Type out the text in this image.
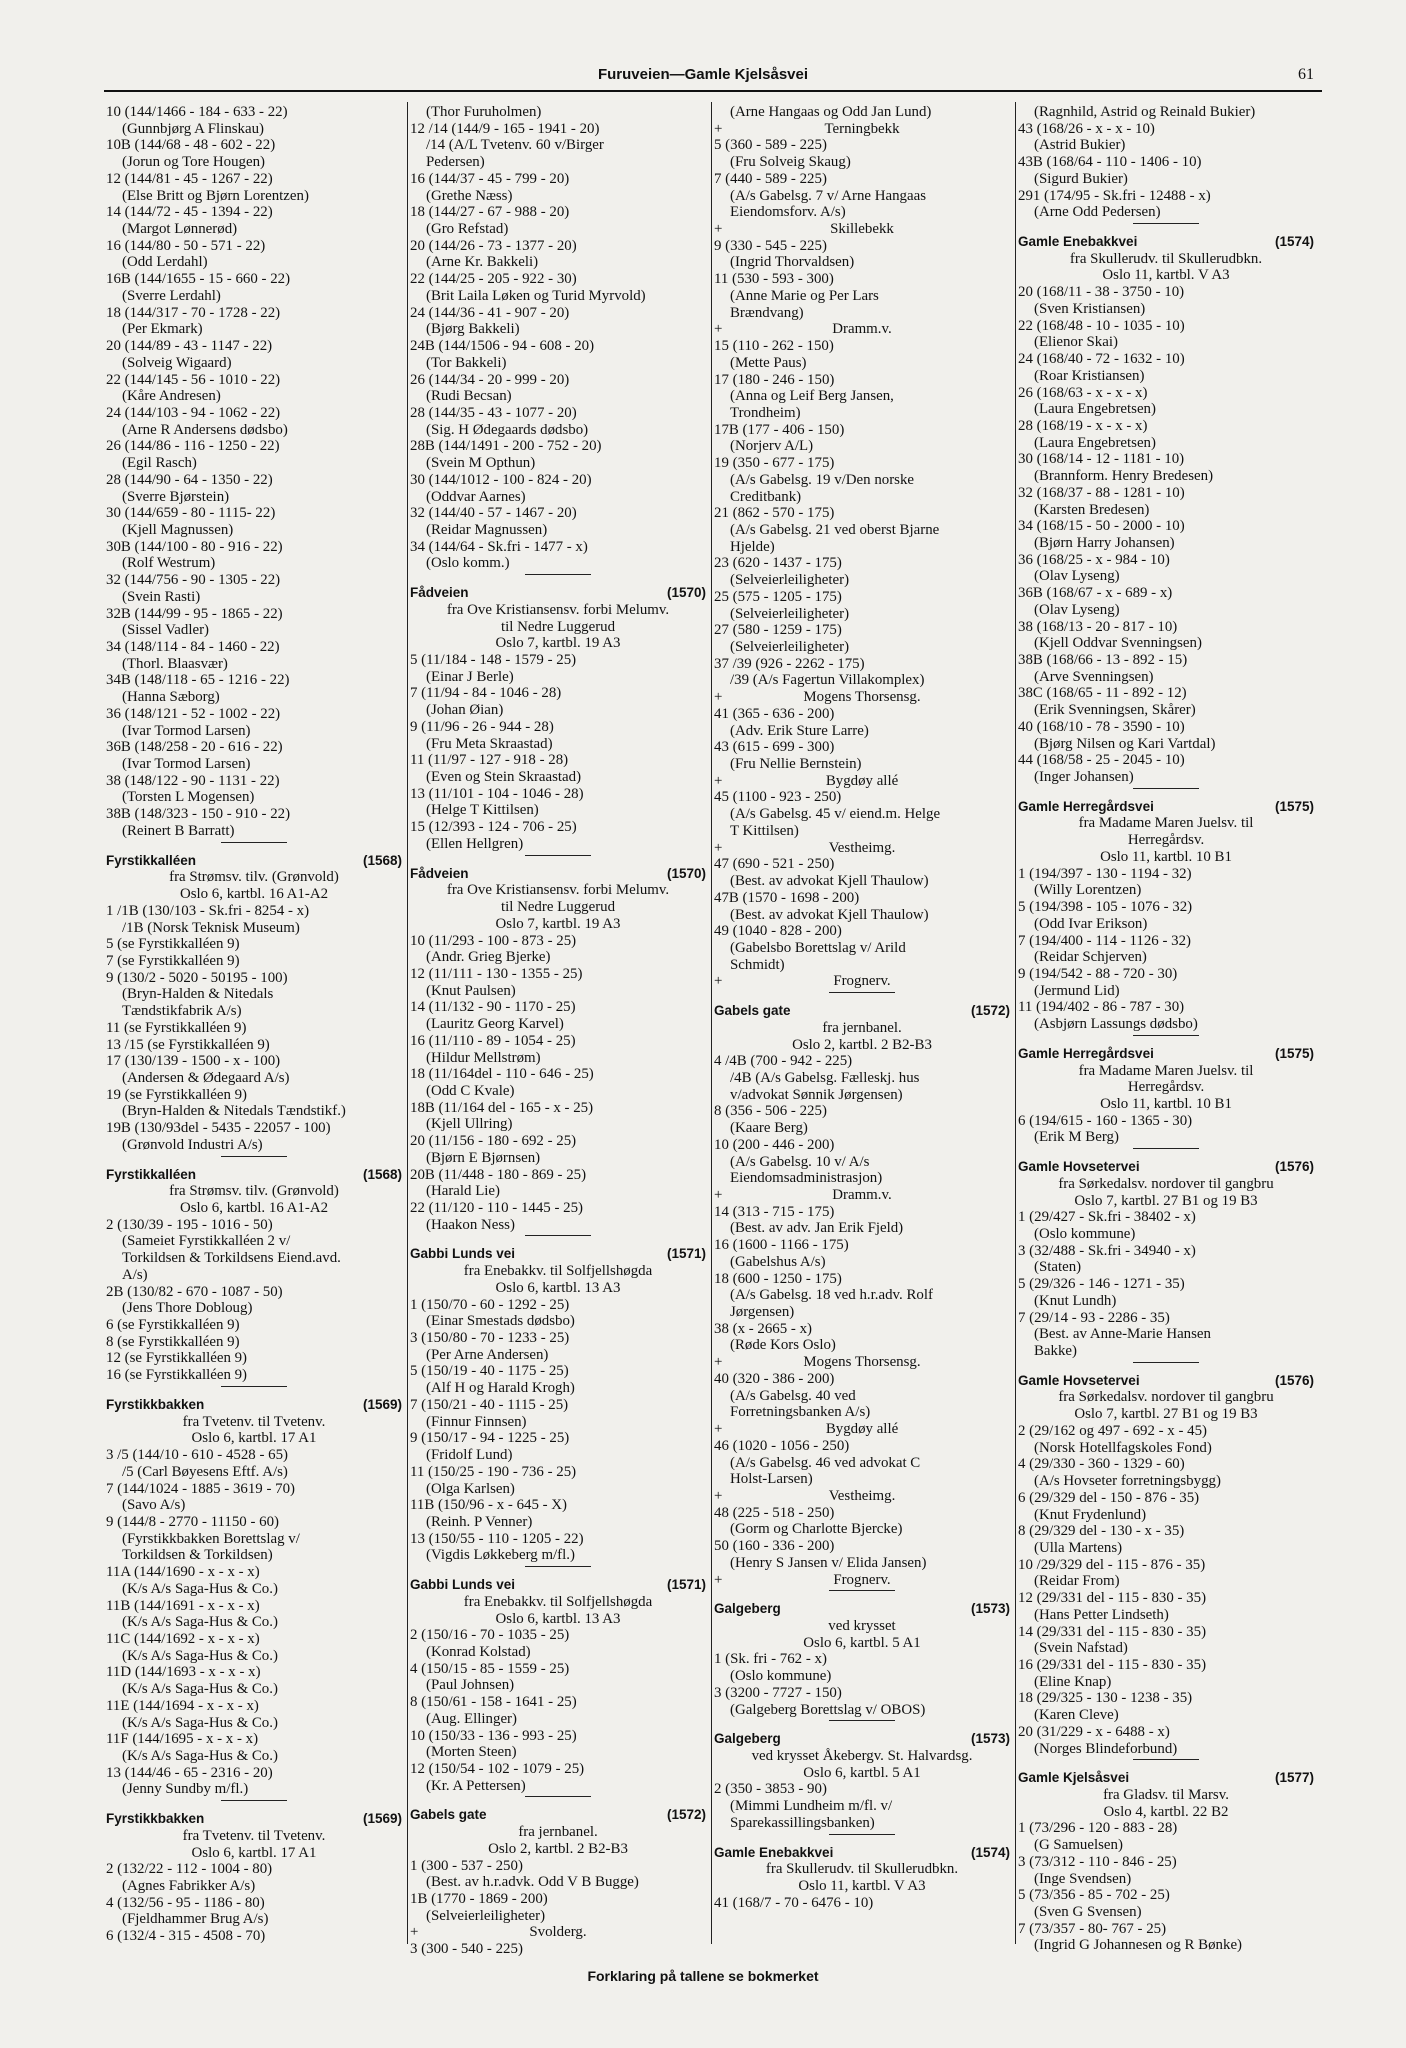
Furuveien—Gamle Kjelsåsvei	61
10 (144/1466 - 184 - 633 - 22)
(Gunnbjørg A Flinskau)
10B (144/68 - 48 - 602 - 22)
(Jorun og Tore Hougen)
12 (144/81 - 45 - 1267 - 22)
(Else Britt og Bjørn Lorentzen)
14 (144/72 - 45 - 1394 - 22)
(Margot Lønnerød)
16 (144/80 - 50 - 571 - 22)
(Odd Lerdahl)
16B (144/1655 - 15 - 660 - 22)
(Sverre Lerdahl)
18 (144/317 - 70 - 1728 - 22)
(Per Ekmark)
20 (144/89 - 43 - 1147 - 22)
(Solveig Wigaard)
22 (144/145 - 56 - 1010 - 22)
(Kåre Andresen)
24 (144/103 - 94 - 1062 - 22)
(Arne R Andersens dødsbo)
26 (144/86 - 116 - 1250 - 22)
(Egil Rasch)
28 (144/90 - 64 - 1350 - 22)
(Sverre Bjørstein)
30 (144/659 - 80 - 1115- 22)
(Kjell Magnussen)
30B (144/100 - 80 - 916 - 22)
(Rolf Westrum)
32 (144/756 - 90 - 1305 - 22)
(Svein Rasti)
32B (144/99 - 95 - 1865 - 22)
(Sissel Vadler)
34 (148/114 - 84 - 1460 - 22)
(Thorl. Blaasvær)
34B (148/118 - 65 - 1216 - 22)
(Hanna Sæborg)
36 (148/121 - 52 - 1002 - 22)
(Ivar Tormod Larsen)
36B (148/258 - 20 - 616 - 22)
(Ivar Tormod Larsen)
38 (148/122 - 90 - 1131 - 22)
(Torsten L Mogensen)
38B (148/323 - 150 - 910 - 22)
(Reinert B Barratt)
Fyrstikkalléen	(1568)
fra Strømsv. tilv. (Grønvold)
Oslo 6, kartbl. 16 A1-A2
1 /1B (130/103 - Sk.fri - 8254 - x)
/1B (Norsk Teknisk Museum)
5 (se Fyrstikkalléen 9)
7 (se Fyrstikkalléen 9)
9 (130/2 - 5020 - 50195 - 100)
(Bryn-Halden & Nitedals
Tændstikfabrik A/s)
11 (se Fyrstikkalléen 9)
13 /15 (se Fyrstikkalléen 9)
17 (130/139 - 1500 - x - 100)
(Andersen & Ødegaard A/s)
19 (se Fyrstikkalléen 9)
(Bryn-Halden & Nitedals Tændstikf.)
19B (130/93del - 5435 - 22057 - 100)
(Grønvold Industri A/s)
Fyrstikkalléen	(1568)
fra Strømsv. tilv. (Grønvold)
Oslo 6, kartbl. 16 A1-A2
2 (130/39 - 195 - 1016 - 50)
(Sameiet Fyrstikkalléen 2 v/
Torkildsen & Torkildsens Eiend.avd.
A/s)
2B (130/82 - 670 - 1087 - 50)
(Jens Thore Dobloug)
6 (se Fyrstikkalléen 9)
8 (se Fyrstikkalléen 9)
12 (se Fyrstikkalléen 9)
16 (se Fyrstikkalléen 9)
Fyrstikkbakken	(1569)
fra Tvetenv. til Tvetenv.
Oslo 6, kartbl. 17 A1
3 /5 (144/10 - 610 - 4528 - 65)
/5 (Carl Bøyesens Eftf. A/s)
7 (144/1024 - 1885 - 3619 - 70)
(Savo A/s)
9 (144/8 - 2770 - 11150 - 60)
(Fyrstikkbakken Borettslag v/
Torkildsen & Torkildsen)
11A (144/1690 - x - x - x)
(K/s A/s Saga-Hus & Co.)
11B (144/1691 - x - x - x)
(K/s A/s Saga-Hus & Co.)
11C (144/1692 - x - x - x)
(K/s A/s Saga-Hus & Co.)
11D (144/1693 - x - x - x)
(K/s A/s Saga-Hus & Co.)
11E (144/1694 - x - x - x)
(K/s A/s Saga-Hus & Co.)
11F (144/1695 - x - x - x)
(K/s A/s Saga-Hus & Co.)
13 (144/46 - 65 - 2316 - 20)
(Jenny Sundby m/fl.)
Fyrstikkbakken	(1569)
fra Tvetenv. til Tvetenv.
Oslo 6, kartbl. 17 A1
2 (132/22 - 112 - 1004 - 80)
(Agnes Fabrikker A/s)
4 (132/56 - 95 - 1186 - 80)
(Fjeldhammer Brug A/s)
6 (132/4 - 315 - 4508 - 70)
(Thor Furuholmen)
12 /14 (144/9 - 165 - 1941 - 20)
/14 (A/L Tvetenv. 60 v/Birger
Pedersen)
16 (144/37 - 45 - 799 - 20)
(Grethe Næss)
18 (144/27 - 67 - 988 - 20)
(Gro Refstad)
20 (144/26 - 73 - 1377 - 20)
(Arne Kr. Bakkeli)
22 (144/25 - 205 - 922 - 30)
(Brit Laila Løken og Turid Myrvold)
24 (144/36 - 41 - 907 - 20)
(Bjørg Bakkeli)
24B (144/1506 - 94 - 608 - 20)
(Tor Bakkeli)
26 (144/34 - 20 - 999 - 20)
(Rudi Becsan)
28 (144/35 - 43 - 1077 - 20)
(Sig. H Ødegaards dødsbo)
28B (144/1491 - 200 - 752 - 20)
(Svein M Opthun)
30 (144/1012 - 100 - 824 - 20)
(Oddvar Aarnes)
32 (144/40 - 57 - 1467 - 20)
(Reidar Magnussen)
34 (144/64 - Sk.fri - 1477 - x)
(Oslo komm.)
Fådveien	(1570)
fra Ove Kristiansensv. forbi Melumv.
til Nedre Luggerud
Oslo 7, kartbl. 19 A3
5 (11/184 - 148 - 1579 - 25)
(Einar J Berle)
7 (11/94 - 84 - 1046 - 28)
(Johan Øian)
9 (11/96 - 26 - 944 - 28)
(Fru Meta Skraastad)
11 (11/97 - 127 - 918 - 28)
(Even og Stein Skraastad)
13 (11/101 - 104 - 1046 - 28)
(Helge T Kittilsen)
15 (12/393 - 124 - 706 - 25)
(Ellen Hellgren)
Fådveien	(1570)
fra Ove Kristiansensv. forbi Melumv.
til Nedre Luggerud
Oslo 7, kartbl. 19 A3
10 (11/293 - 100 - 873 - 25)
(Andr. Grieg Bjerke)
12 (11/111 - 130 - 1355 - 25)
(Knut Paulsen)
14 (11/132 - 90 - 1170 - 25)
(Lauritz Georg Karvel)
16 (11/110 - 89 - 1054 - 25)
(Hildur Mellstrøm)
18 (11/164del - 110 - 646 - 25)
(Odd C Kvale)
18B (11/164 del - 165 - x - 25)
(Kjell Ullring)
20 (11/156 - 180 - 692 - 25)
(Bjørn E Bjørnsen)
20B (11/448 - 180 - 869 - 25)
(Harald Lie)
22 (11/120 - 110 - 1445 - 25)
(Haakon Ness)
Gabbi Lunds vei	(1571)
fra Enebakkv. til Solfjellshøgda
Oslo 6, kartbl. 13 A3
1 (150/70 - 60 - 1292 - 25)
(Einar Smestads dødsbo)
3 (150/80 - 70 - 1233 - 25)
(Per Arne Andersen)
5 (150/19 - 40 - 1175 - 25)
(Alf H og Harald Krogh)
7 (150/21 - 40 - 1115 - 25)
(Finnur Finnsen)
9 (150/17 - 94 - 1225 - 25)
(Fridolf Lund)
11 (150/25 - 190 - 736 - 25)
(Olga Karlsen)
11B (150/96 - x - 645 - X)
(Reinh. P Venner)
13 (150/55 - 110 - 1205 - 22)
(Vigdis Løkkeberg m/fl.)
Gabbi Lunds vei	(1571)
fra Enebakkv. til Solfjellshøgda
Oslo 6, kartbl. 13 A3
2 (150/16 - 70 - 1035 - 25)
(Konrad Kolstad)
4 (150/15 - 85 - 1559 - 25)
(Paul Johnsen)
8 (150/61 - 158 - 1641 - 25)
(Aug. Ellinger)
10 (150/33 - 136 - 993 - 25)
(Morten Steen)
12 (150/54 - 102 - 1079 - 25)
(Kr. A Pettersen)
Gabels gate	(1572)
fra jernbanel.
Oslo 2, kartbl. 2 B2-B3
1 (300 - 537 - 250)
(Best. av h.r.advk. Odd V B Bugge)
1B (1770 - 1869 - 200)
(Selveierleiligheter)
+	Svolderg.
3 (300 - 540 - 225)
(Arne Hangaas og Odd Jan Lund)
+	Terningbekk
5 (360 - 589 - 225)
(Fru Solveig Skaug)
7 (440 - 589 - 225)
(A/s Gabelsg. 7 v/ Arne Hangaas
Eiendomsforv. A/s)
+	Skillebekk
9 (330 - 545 - 225)
(Ingrid Thorvaldsen)
11 (530 - 593 - 300)
(Anne Marie og Per Lars
Brændvang)
+	Dramm.v.
15 (110 - 262 - 150)
(Mette Paus)
17 (180 - 246 - 150)
(Anna og Leif Berg Jansen,
Trondheim)
17B (177 - 406 - 150)
(Norjerv A/L)
19 (350 - 677 - 175)
(A/s Gabelsg. 19 v/Den norske
Creditbank)
21 (862 - 570 - 175)
(A/s Gabelsg. 21 ved oberst Bjarne
Hjelde)
23 (620 - 1437 - 175)
(Selveierleiligheter)
25 (575 - 1205 - 175)
(Selveierleiligheter)
27 (580 - 1259 - 175)
(Selveierleiligheter)
37 /39 (926 - 2262 - 175)
/39 (A/s Fagertun Villakomplex)
+	Mogens Thorsensg.
41 (365 - 636 - 200)
(Adv. Erik Sture Larre)
43 (615 - 699 - 300)
(Fru Nellie Bernstein)
+	Bygdøy allé
45 (1100 - 923 - 250)
(A/s Gabelsg. 45 v/ eiend.m. Helge
T Kittilsen)
+	Vestheimg.
47 (690 - 521 - 250)
(Best. av advokat Kjell Thaulow)
47B (1570 - 1698 - 200)
(Best. av advokat Kjell Thaulow)
49 (1040 - 828 - 200)
(Gabelsbo Borettslag v/ Arild
Schmidt)
+	Frognerv.
Gabels gate	(1572)
fra jernbanel.
Oslo 2, kartbl. 2 B2-B3
4 /4B (700 - 942 - 225)
/4B (A/s Gabelsg. Fælleskj. hus
v/advokat Sønnik Jørgensen)
8 (356 - 506 - 225)
(Kaare Berg)
10 (200 - 446 - 200)
(A/s Gabelsg. 10 v/ A/s
Eiendomsadministrasjon)
+	Dramm.v.
14 (313 - 715 - 175)
(Best. av adv. Jan Erik Fjeld)
16 (1600 - 1166 - 175)
(Gabelshus A/s)
18 (600 - 1250 - 175)
(A/s Gabelsg. 18 ved h.r.adv. Rolf
Jørgensen)
38 (x - 2665 - x)
(Røde Kors Oslo)
+	Mogens Thorsensg.
40 (320 - 386 - 200)
(A/s Gabelsg. 40 ved
Forretningsbanken A/s)
+	Bygdøy allé
46 (1020 - 1056 - 250)
(A/s Gabelsg. 46 ved advokat C
Holst-Larsen)
+	Vestheimg.
48 (225 - 518 - 250)
(Gorm og Charlotte Bjercke)
50 (160 - 336 - 200)
(Henry S Jansen v/ Elida Jansen)
+	Frognerv.
Galgeberg	(1573)
ved krysset
Oslo 6, kartbl. 5 A1
1 (Sk. fri - 762 - x)
(Oslo kommune)
3 (3200 - 7727 - 150)
(Galgeberg Borettslag v/ OBOS)
Galgeberg	(1573)
ved krysset Åkebergv. St. Halvardsg.
Oslo 6, kartbl. 5 A1
2 (350 - 3853 - 90)
(Mimmi Lundheim m/fl. v/
Sparekassillingsbanken)
Gamle Enebakkvei	(1574)
fra Skullerudv. til Skullerudbkn.
Oslo 11, kartbl. V A3
41 (168/7 - 70 - 6476 - 10)
(Ragnhild, Astrid og Reinald Bukier)
43 (168/26 - x - x - 10)
(Astrid Bukier)
43B (168/64 - 110 - 1406 - 10)
(Sigurd Bukier)
291 (174/95 - Sk.fri - 12488 - x)
(Arne Odd Pedersen)
Gamle Enebakkvei	(1574)
fra Skullerudv. til Skullerudbkn.
Oslo 11, kartbl. V A3
20 (168/11 - 38 - 3750 - 10)
(Sven Kristiansen)
22 (168/48 - 10 - 1035 - 10)
(Elienor Skai)
24 (168/40 - 72 - 1632 - 10)
(Roar Kristiansen)
26 (168/63 - x - x - x)
(Laura Engebretsen)
28 (168/19 - x - x - x)
(Laura Engebretsen)
30 (168/14 - 12 - 1181 - 10)
(Brannform. Henry Bredesen)
32 (168/37 - 88 - 1281 - 10)
(Karsten Bredesen)
34 (168/15 - 50 - 2000 - 10)
(Bjørn Harry Johansen)
36 (168/25 - x - 984 - 10)
(Olav Lyseng)
36B (168/67 - x - 689 - x)
(Olav Lyseng)
38 (168/13 - 20 - 817 - 10)
(Kjell Oddvar Svenningsen)
38B (168/66 - 13 - 892 - 15)
(Arve Svenningsen)
38C (168/65 - 11 - 892 - 12)
(Erik Svenningsen, Skårer)
40 (168/10 - 78 - 3590 - 10)
(Bjørg Nilsen og Kari Vartdal)
44 (168/58 - 25 - 2045 - 10)
(Inger Johansen)
Gamle Herregårdsvei	(1575)
fra Madame Maren Juelsv. til
Herregårdsv.
Oslo 11, kartbl. 10 B1
1 (194/397 - 130 - 1194 - 32)
(Willy Lorentzen)
5 (194/398 - 105 - 1076 - 32)
(Odd Ivar Erikson)
7 (194/400 - 114 - 1126 - 32)
(Reidar Schjerven)
9 (194/542 - 88 - 720 - 30)
(Jermund Lid)
11 (194/402 - 86 - 787 - 30)
(Asbjørn Lassungs dødsbo)
Gamle Herregårdsvei	(1575)
fra Madame Maren Juelsv. til
Herregårdsv.
Oslo 11, kartbl. 10 B1
6 (194/615 - 160 - 1365 - 30)
(Erik M Berg)
Gamle Hovsetervei	(1576)
fra Sørkedalsv. nordover til gangbru
Oslo 7, kartbl. 27 B1 og 19 B3
1 (29/427 - Sk.fri - 38402 - x)
(Oslo kommune)
3 (32/488 - Sk.fri - 34940 - x)
(Staten)
5 (29/326 - 146 - 1271 - 35)
(Knut Lundh)
7 (29/14 - 93 - 2286 - 35)
(Best. av Anne-Marie Hansen
Bakke)
Gamle Hovsetervei	(1576)
fra Sørkedalsv. nordover til gangbru
Oslo 7, kartbl. 27 B1 og 19 B3
2 (29/162 og 497 - 692 - x - 45)
(Norsk Hotellfagskoles Fond)
4 (29/330 - 360 - 1329 - 60)
(A/s Hovseter forretningsbygg)
6 (29/329 del - 150 - 876 - 35)
(Knut Frydenlund)
8 (29/329 del - 130 - x - 35)
(Ulla Martens)
10 /29/329 del - 115 - 876 - 35)
(Reidar From)
12 (29/331 del - 115 - 830 - 35)
(Hans Petter Lindseth)
14 (29/331 del - 115 - 830 - 35)
(Svein Nafstad)
16 (29/331 del - 115 - 830 - 35)
(Eline Knap)
18 (29/325 - 130 - 1238 - 35)
(Karen Cleve)
20 (31/229 - x - 6488 - x)
(Norges Blindeforbund)
Gamle Kjelsåsvei	(1577)
fra Gladsv. til Marsv.
Oslo 4, kartbl. 22 B2
1 (73/296 - 120 - 883 - 28)
(G Samuelsen)
3 (73/312 - 110 - 846 - 25)
(Inge Svendsen)
5 (73/356 - 85 - 702 - 25)
(Sven G Svensen)
7 (73/357 - 80- 767 - 25)
(Ingrid G Johannesen og R Bønke)
Forklaring på tallene se bokmerket
